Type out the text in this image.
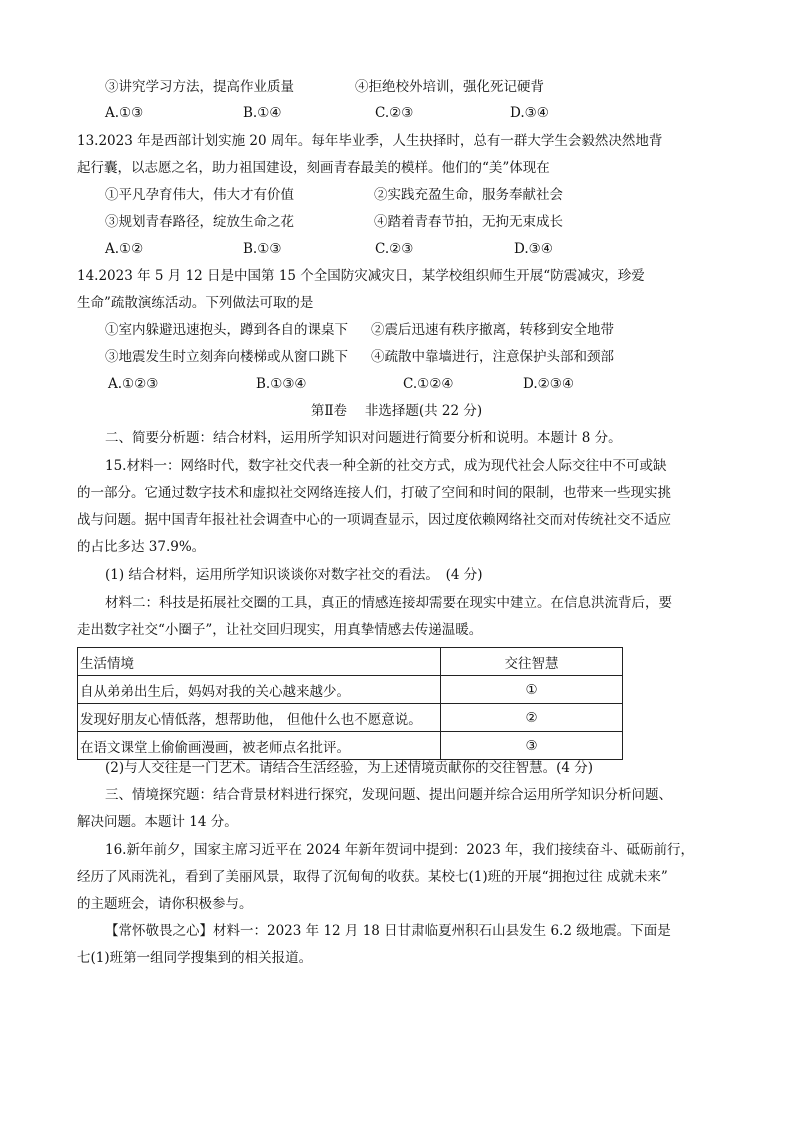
③讲究学习方法，提高作业质量	④拒绝校外培训，强化死记硬背
A.①③	B.①④	C.②③	D.③④
13.2023 年是西部计划实施 20 周年。每年毕业季，人生抉择时，总有一群大学生会毅然决然地背
起行囊，以志愿之名，助力祖国建设，刻画青春最美的模样。他们的“美”体现在
①平凡孕育伟大，伟大才有价值	②实践充盈生命，服务奉献社会
③规划青春路径，绽放生命之花	④踏着青春节拍，无拘无束成长
A.①②	B.①③	C.②③	D.③④
14.2023 年 5 月 12 日是中国第 15 个全国防灾减灾日，某学校组织师生开展“防震减灾，珍爱
生命”疏散演练活动。下列做法可取的是
①室内躲避迅速抱头，蹲到各自的课桌下 ②震后迅速有秩序撤离，转移到安全地带
③地震发生时立刻奔向楼梯或从窗口跳下 ④疏散中靠墙进行，注意保护头部和颈部
A.①②③	B.①③④	C.①②④	D.②③④
第Ⅱ卷　 非选择题(共 22 分)
二、简要分析题：结合材料，运用所学知识对问题进行简要分析和说明。本题计 8 分。
15.材料一：网络时代，数字社交代表一种全新的社交方式，成为现代社会人际交往中不可或缺
的一部分。它通过数字技术和虚拟社交网络连接人们，打破了空间和时间的限制，也带来一些现实挑
战与问题。据中国青年报社社会调查中心的一项调查显示，因过度依赖网络社交而对传统社交不适应
的占比多达 37.9%。
(1) 结合材料，运用所学知识谈谈你对数字社交的看法。　(4 分)
材料二：科技是拓展社交圈的工具，真正的情感连接却需要在现实中建立。在信息洪流背后，要
走出数字社交“小圈子”，让社交回归现实，用真挚情感去传递温暖。
生活情境	交往智慧
自从弟弟出生后，妈妈对我的关心越来越少。	①
发现好朋友心情低落，想帮助他， 但他什么也不愿意说。	②
在语文课堂上偷偷画漫画，被老师点名批评。	③
(2)与人交往是一门艺术。请结合生活经验，为上述情境贡献你的交往智慧。(4 分)
三、情境探究题：结合背景材料进行探究，发现问题、提出问题并综合运用所学知识分析问题、
解决问题。本题计 14 分。
16.新年前夕，国家主席习近平在 2024 年新年贺词中提到：2023 年，我们接续奋斗、砥砺前行，
经历了风雨洗礼，看到了美丽风景，取得了沉甸甸的收获。某校七(1)班的开展“拥抱过往 成就未来”
的主题班会，请你积极参与。
【常怀敬畏之心】材料一：2023 年 12 月 18 日甘肃临夏州积石山县发生 6.2 级地震。下面是
七(1)班第一组同学搜集到的相关报道。
